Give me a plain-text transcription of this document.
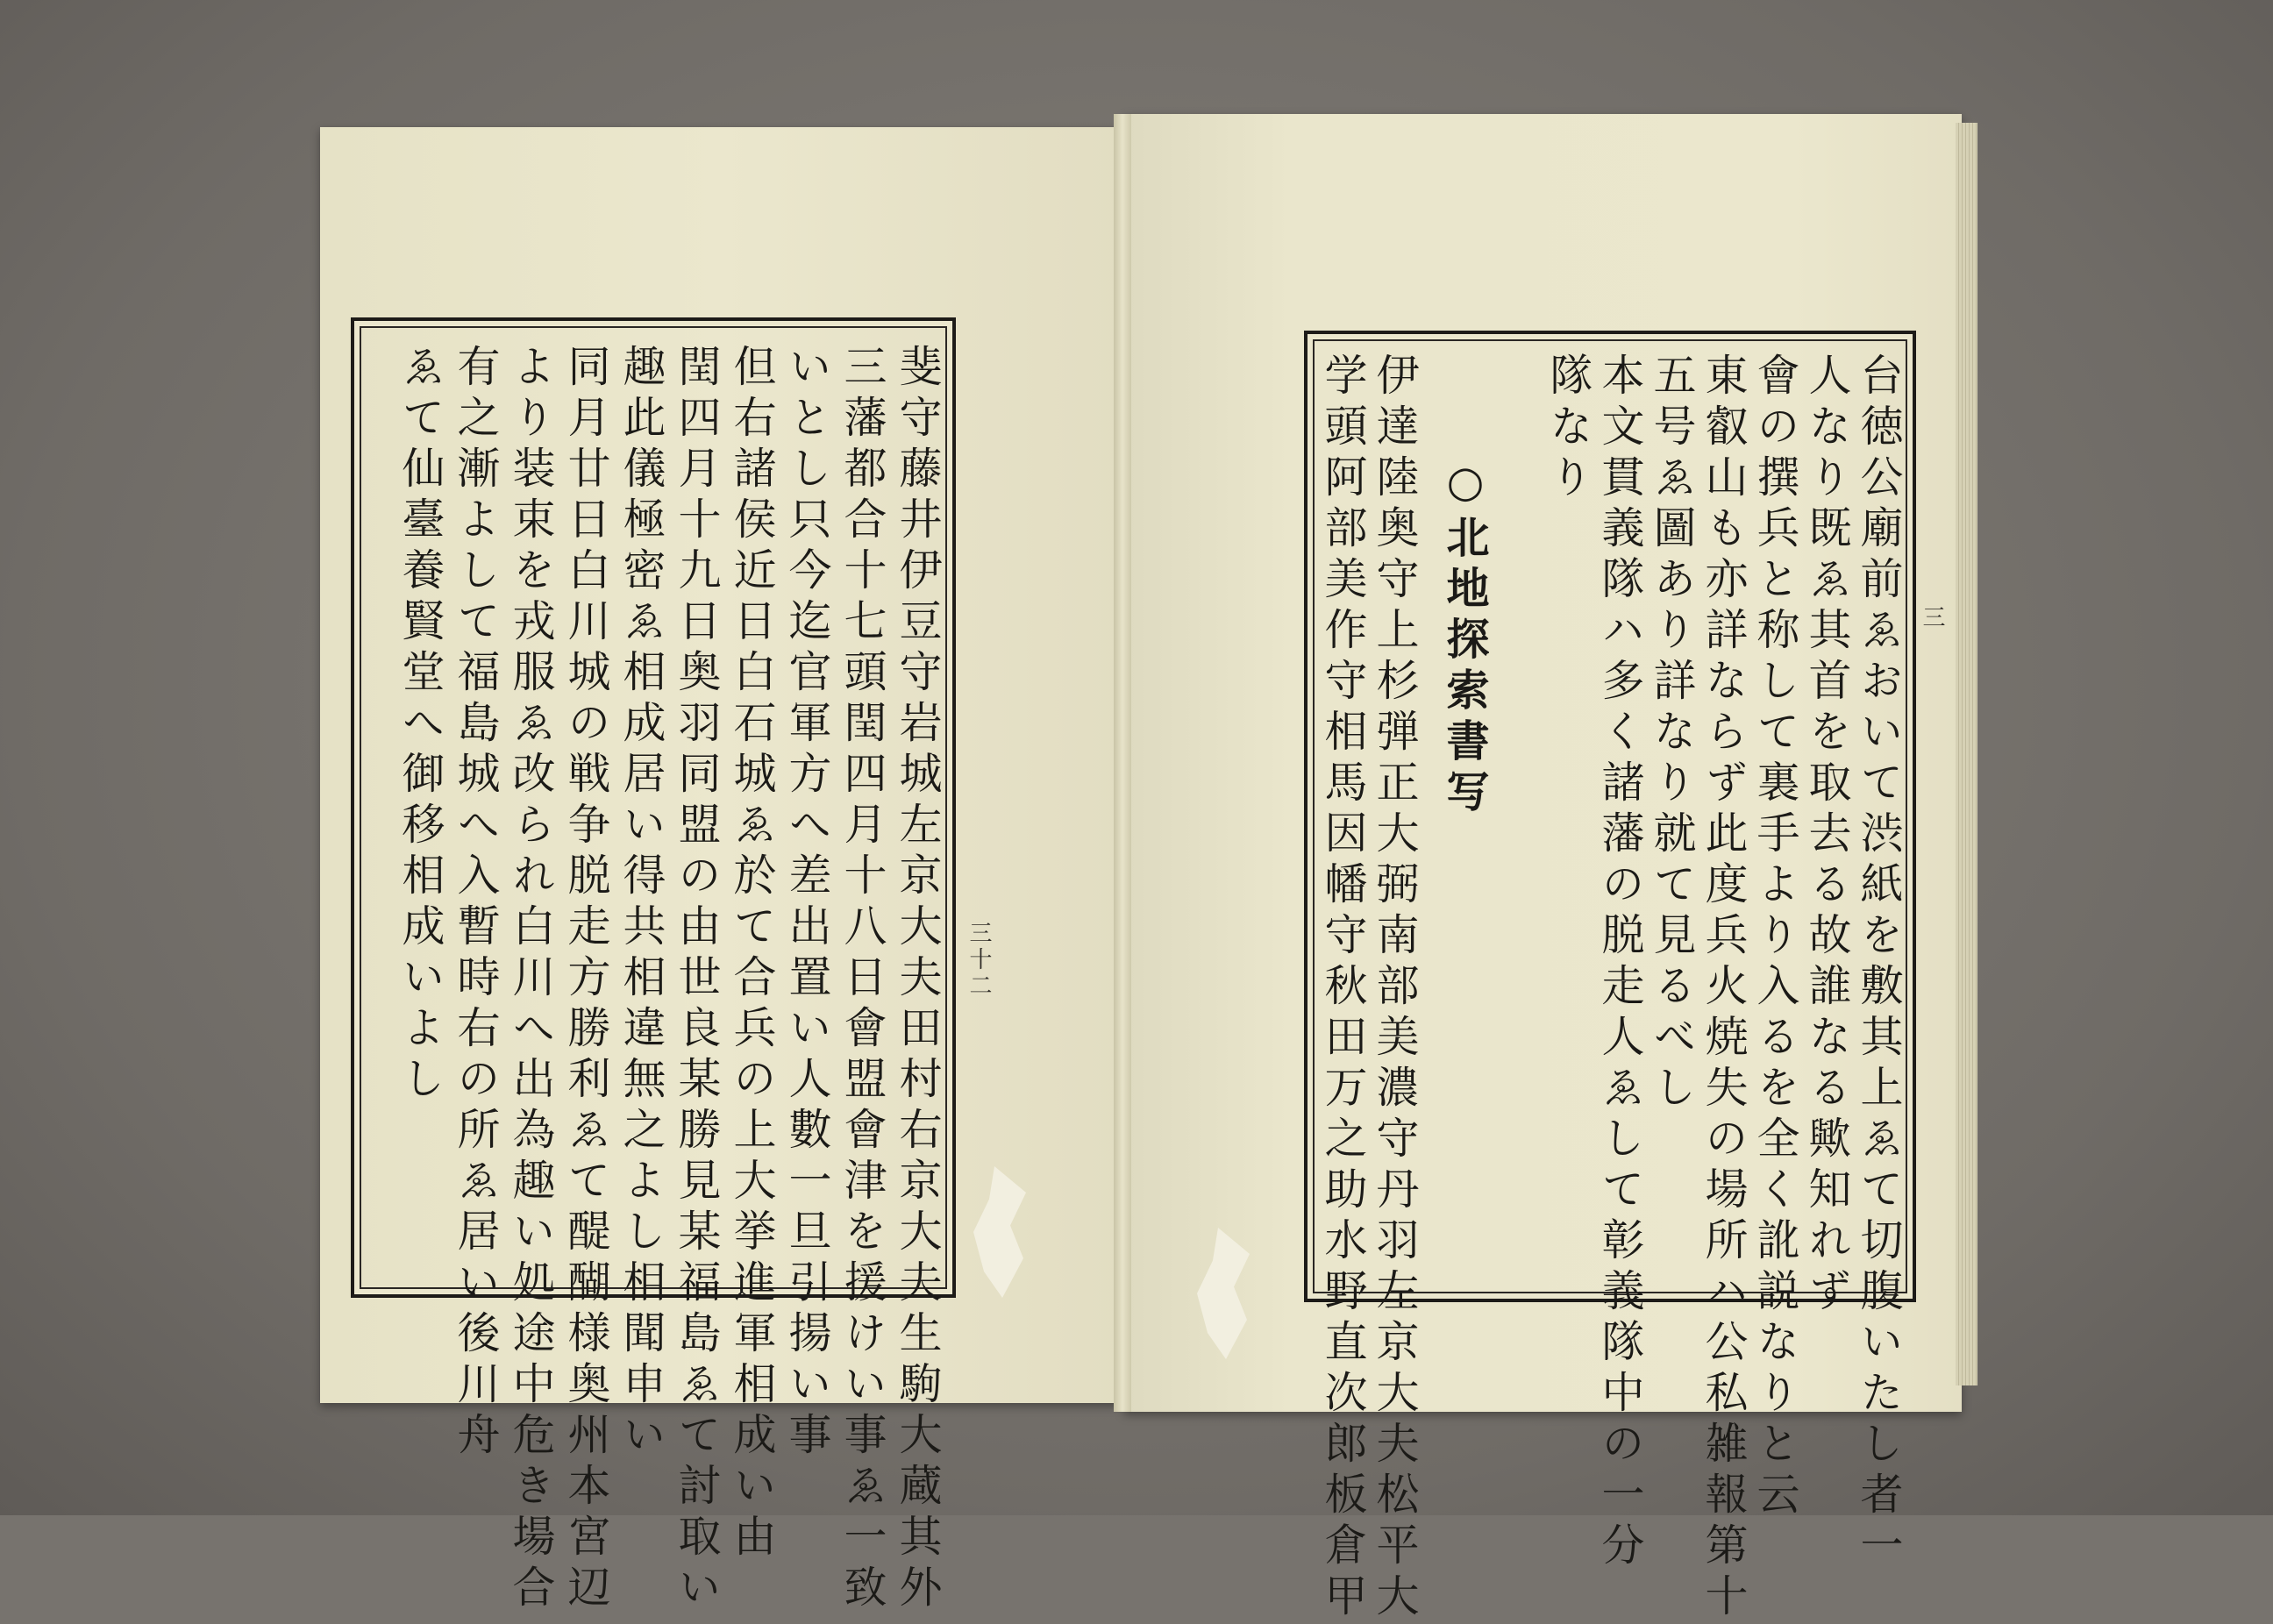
三十二
三
斐守藤井伊豆守岩城左京大夫田村右京大夫生駒大蔵其外
三藩都合十七頭閏四月十八日會盟會津を援けい事ゑ一致
いとし只今迄官軍方へ差出置い人數一旦引揚い事
但右諸侯近日白石城ゑ於て合兵の上大挙進軍相成い由
閏四月十九日奥羽同盟の由世良某勝見某福島ゑて討取い
趣此儀極密ゑ相成居い得共相違無之よし相聞申い
同月廿日白川城の戦争脱走方勝利ゑて醍醐様奥州本宮辺
より装束を戎服ゑ改られ白川へ出為趣い処途中危き場合
有之漸よして福島城へ入暫時右の所ゑ居い後川舟
ゑて仙臺養賢堂へ御移相成いよし	台徳公廟前ゑおいて渋紙を敷其上ゑて切腹いたし者一
人なり既ゑ其首を取去る故誰なる歟知れず
會の撰兵と称して裏手より入るを全く訛説なりと云
東叡山も亦詳ならず此度兵火焼失の場所ハ公私雑報第十
五号ゑ圖あり詳なり就て見るべし
本文貫義隊ハ多く諸藩の脱走人ゑして彰義隊中の一分
隊なり
○北地探索書写
伊達陸奥守上杉弾正大弼南部美濃守丹羽左京大夫松平大
学頭阿部美作守相馬因幡守秋田万之助水野直次郎板倉甲
